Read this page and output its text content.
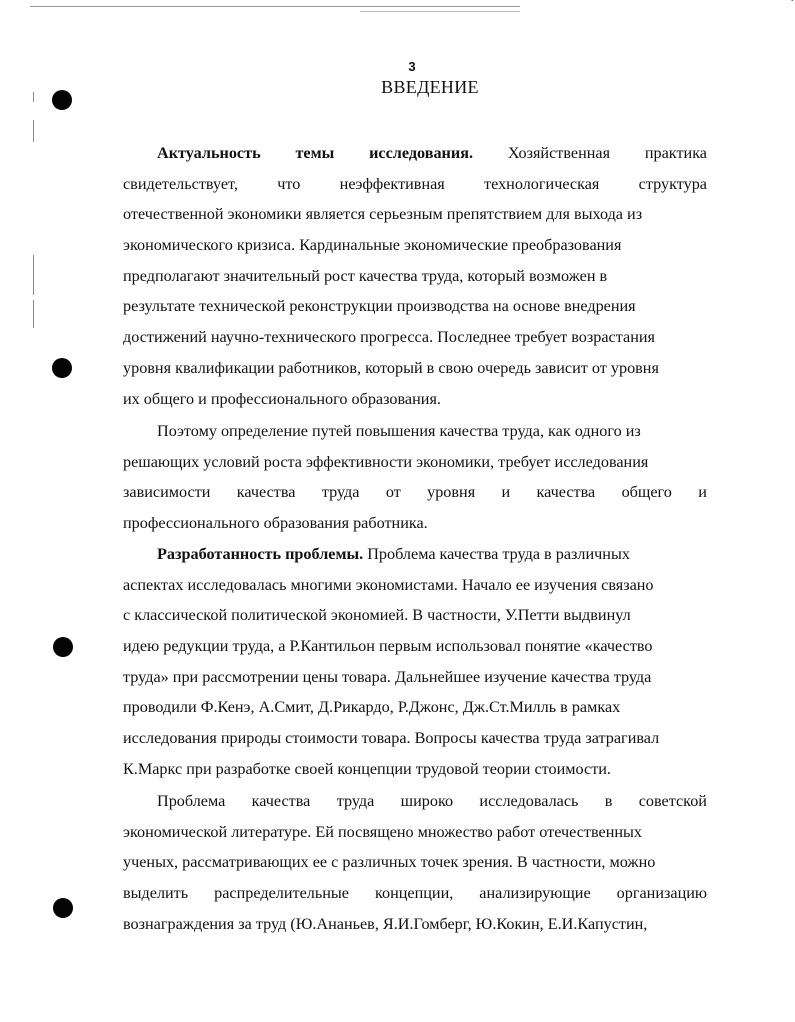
3
ВВЕДЕНИЕ
Актуальность темы исследования. Хозяйственная практика
свидетельствует, что неэффективная технологическая структура
отечественной экономики является серьезным препятствием для выхода из
экономического кризиса. Кардинальные экономические преобразования
предполагают значительный рост качества труда, который возможен в
результате технической реконструкции производства на основе внедрения
достижений научно-технического прогресса. Последнее требует возрастания
уровня квалификации работников, который в свою очередь зависит от уровня
их общего и профессионального образования.
Поэтому определение путей повышения качества труда, как одного из
решающих условий роста эффективности экономики, требует исследования
зависимости качества труда от уровня и качества общего и
профессионального образования работника.
Разработанность проблемы. Проблема качества труда в различных
аспектах исследовалась многими экономистами. Начало ее изучения связано
с классической политической экономией. В частности, У.Петти выдвинул
идею редукции труда, а Р.Кантильон первым использовал понятие «качество
труда» при рассмотрении цены товара. Дальнейшее изучение качества труда
проводили Ф.Кенэ, А.Смит, Д.Рикардо, Р.Джонс, Дж.Ст.Милль в рамках
исследования природы стоимости товара. Вопросы качества труда затрагивал
К.Маркс при разработке своей концепции трудовой теории стоимости.
Проблема качества труда широко исследовалась в советской
экономической литературе. Ей посвящено множество работ отечественных
ученых, рассматривающих ее с различных точек зрения. В частности, можно
выделить распределительные концепции, анализирующие организацию
вознаграждения за труд (Ю.Ананьев, Я.И.Гомберг, Ю.Кокин, Е.И.Капустин,
